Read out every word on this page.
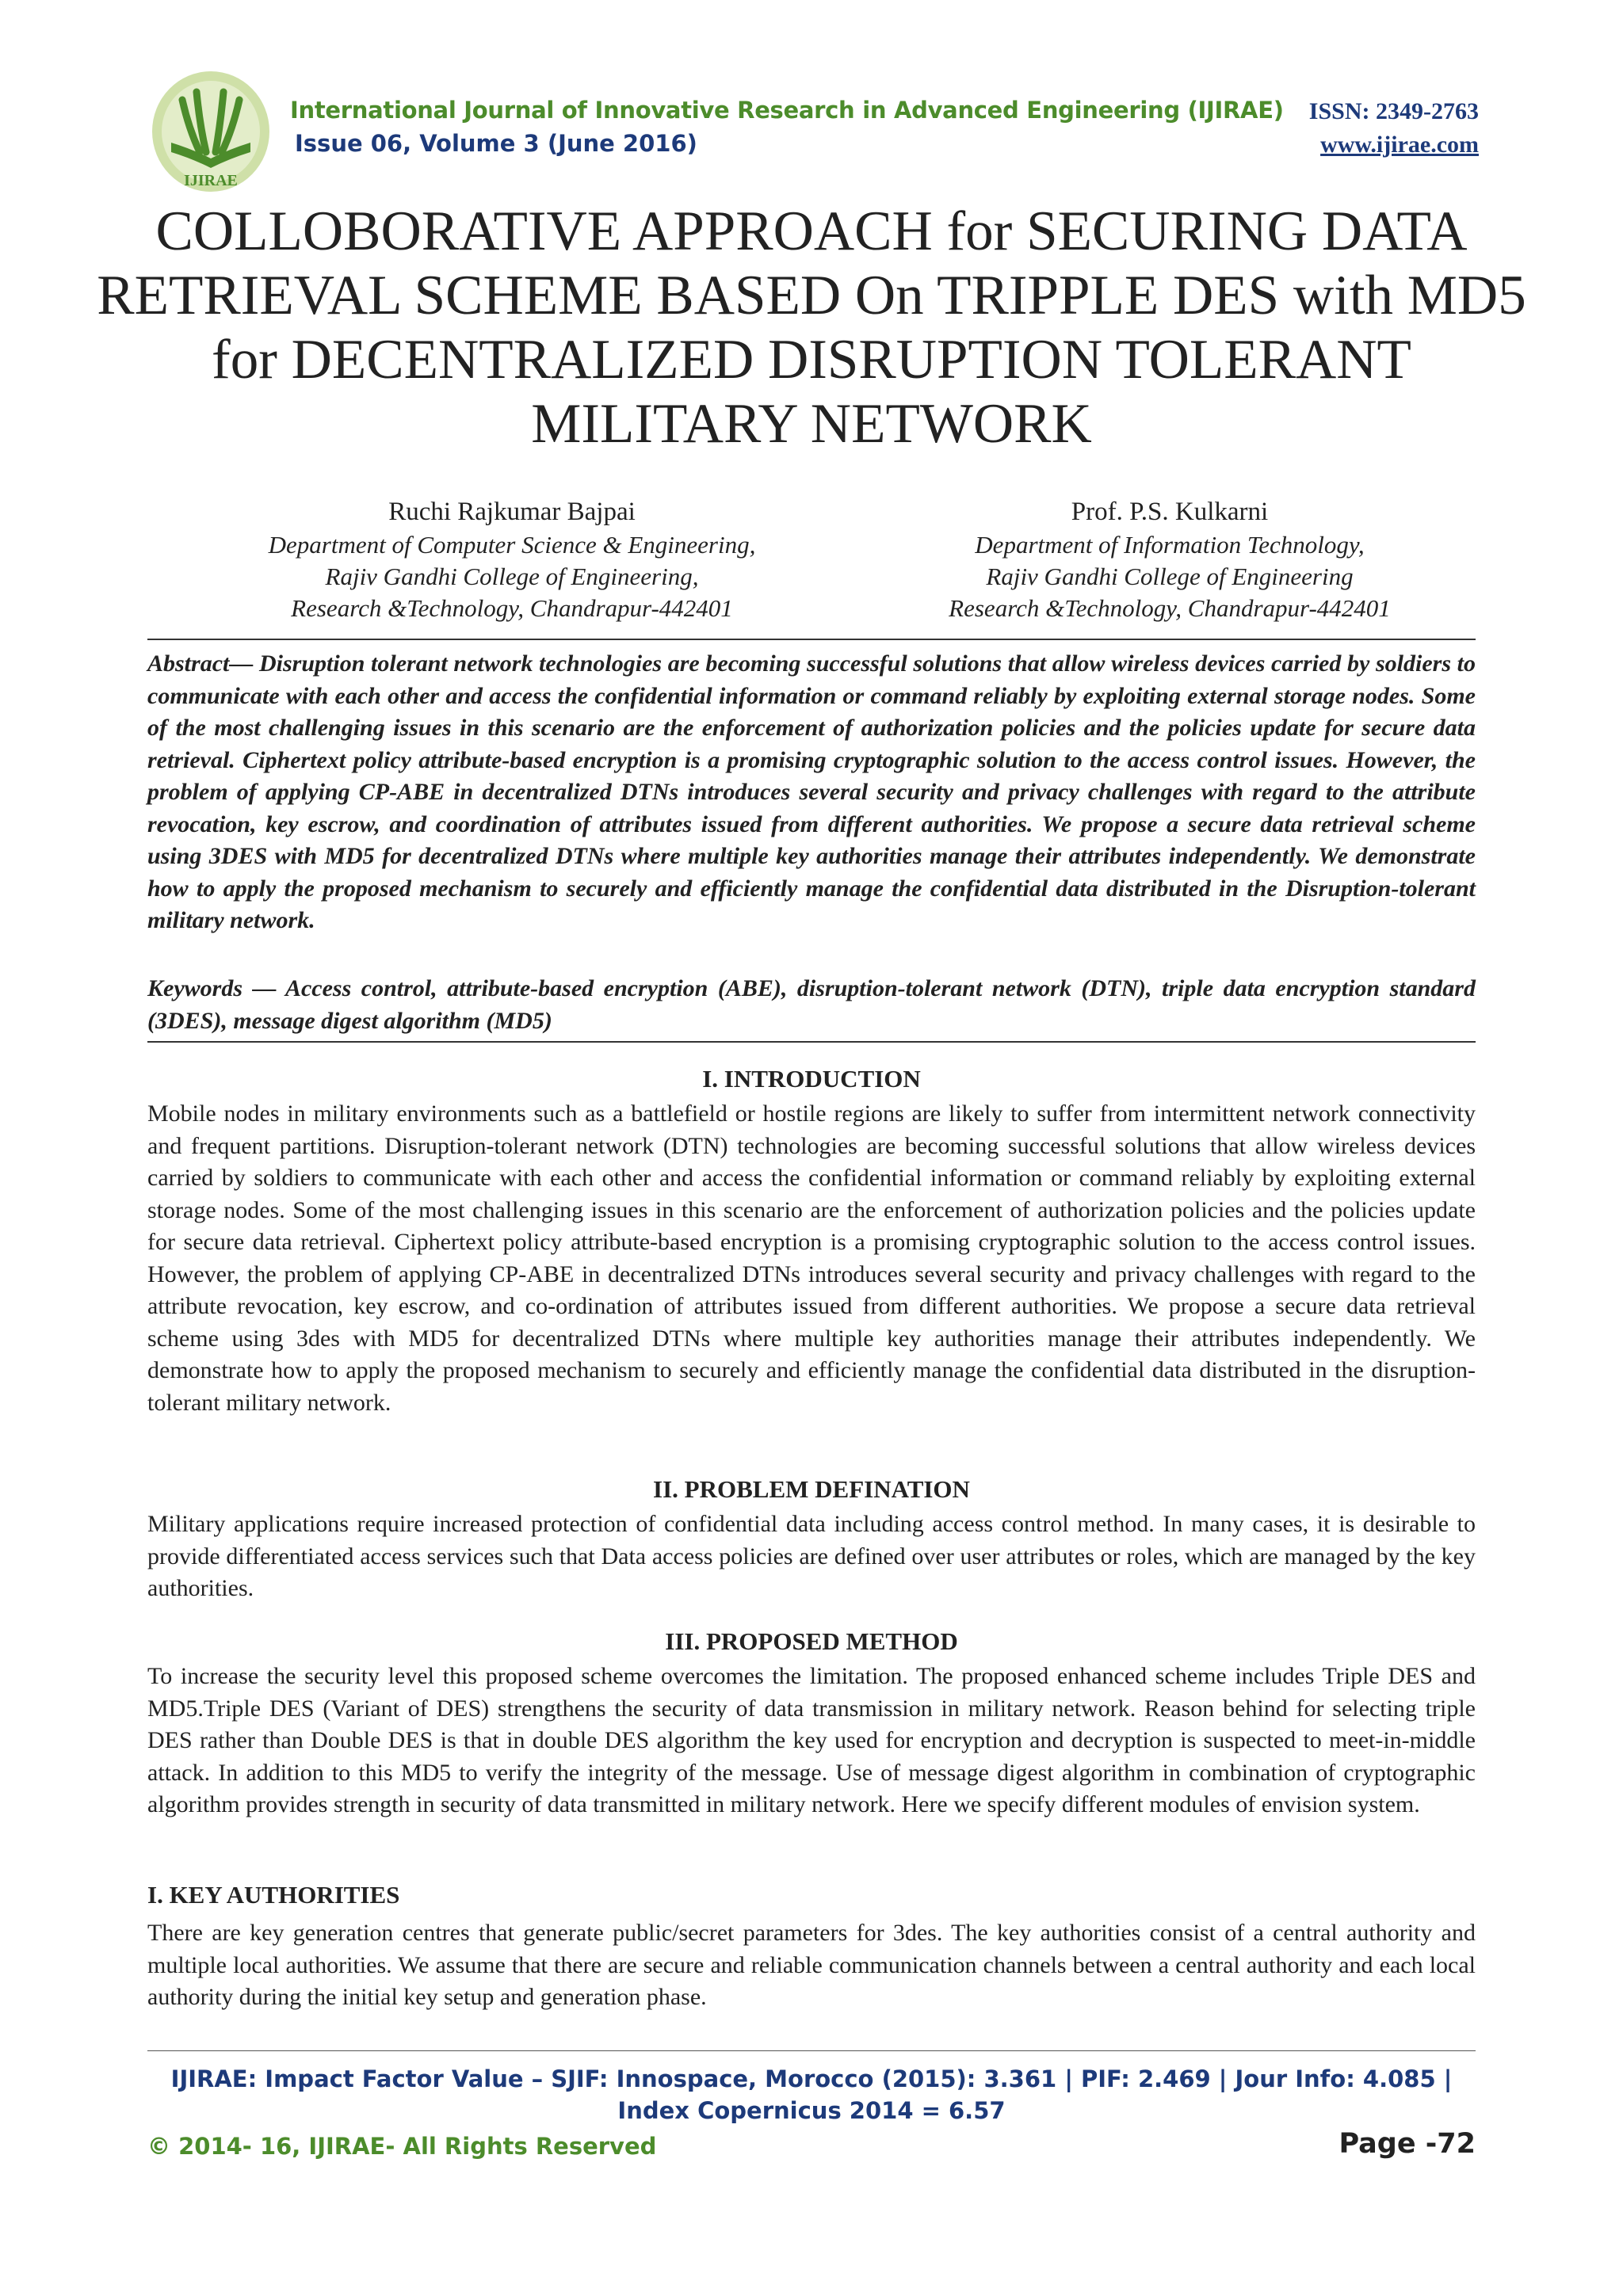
IJIRAE
International Journal of Innovative Research in Advanced Engineering (IJIRAE) ISSN: 2349-2763
Issue 06, Volume 3 (June 2016)	www.ijirae.com
COLLOBORATIVE APPROACH for SECURING DATA RETRIEVAL SCHEME BASED On TRIPPLE DES with MD5 for DECENTRALIZED DISRUPTION TOLERANT MILITARY NETWORK
Ruchi Rajkumar Bajpai
Department of Computer Science & Engineering,
Rajiv Gandhi College of Engineering,
Research &Technology, Chandrapur-442401
Prof. P.S. Kulkarni
Department of Information Technology,
Rajiv Gandhi College of Engineering
Research &Technology, Chandrapur-442401

Abstract— Disruption tolerant network technologies are becoming successful solutions that allow wireless devices carried by soldiers to communicate with each other and access the confidential information or command reliably by exploiting external storage nodes. Some of the most challenging issues in this scenario are the enforcement of authorization policies and the policies update for secure data retrieval. Ciphertext policy attribute-based encryption is a promising cryptographic solution to the access control issues. However, the problem of applying CP-ABE in decentralized DTNs introduces several security and privacy challenges with regard to the attribute revocation, key escrow, and coordination of attributes issued from different authorities. We propose a secure data retrieval scheme using 3DES with MD5 for decentralized DTNs where multiple key authorities manage their attributes independently. We demonstrate how to apply the proposed mechanism to securely and efficiently manage the confidential data distributed in the Disruption-tolerant military network.

Keywords — Access control, attribute-based encryption (ABE), disruption-tolerant network (DTN), triple data encryption standard (3DES), message digest algorithm (MD5)

I. INTRODUCTION

Mobile nodes in military environments such as a battlefield or hostile regions are likely to suffer from intermittent network connectivity and frequent partitions. Disruption-tolerant network (DTN) technologies are becoming successful solutions that allow wireless devices carried by soldiers to communicate with each other and access the confidential information or command reliably by exploiting external storage nodes. Some of the most challenging issues in this scenario are the enforcement of authorization policies and the policies update for secure data retrieval. Ciphertext policy attribute-based encryption is a promising cryptographic solution to the access control issues. However, the problem of applying CP-ABE in decentralized DTNs introduces several security and privacy challenges with regard to the attribute revocation, key escrow, and co-ordination of attributes issued from different authorities. We propose a secure data retrieval scheme using 3des with MD5 for decentralized DTNs where multiple key authorities manage their attributes independently. We demonstrate how to apply the proposed mechanism to securely and efficiently manage the confidential data distributed in the disruption-tolerant military network.

II. PROBLEM DEFINATION

Military applications require increased protection of confidential data including access control method. In many cases, it is desirable to provide differentiated access services such that Data access policies are defined over user attributes or roles, which are managed by the key authorities.

III. PROPOSED METHOD

To increase the security level this proposed scheme overcomes the limitation. The proposed enhanced scheme includes Triple DES and MD5.Triple DES (Variant of DES) strengthens the security of data transmission in military network. Reason behind for selecting triple DES rather than Double DES is that in double DES algorithm the key used for encryption and decryption is suspected to meet-in-middle attack. In addition to this MD5 to verify the integrity of the message. Use of message digest algorithm in combination of cryptographic algorithm provides strength in security of data transmitted in military network. Here we specify different modules of envision system.

I. KEY AUTHORITIES

There are key generation centres that generate public/secret parameters for 3des. The key authorities consist of a central authority and multiple local authorities. We assume that there are secure and reliable communication channels between a central authority and each local authority during the initial key setup and generation phase.

IJIRAE: Impact Factor Value – SJIF: Innospace, Morocco (2015): 3.361 | PIF: 2.469 | Jour Info: 4.085 | Index Copernicus 2014 = 6.57

© 2014- 16, IJIRAE- All Rights Reserved	Page -72
